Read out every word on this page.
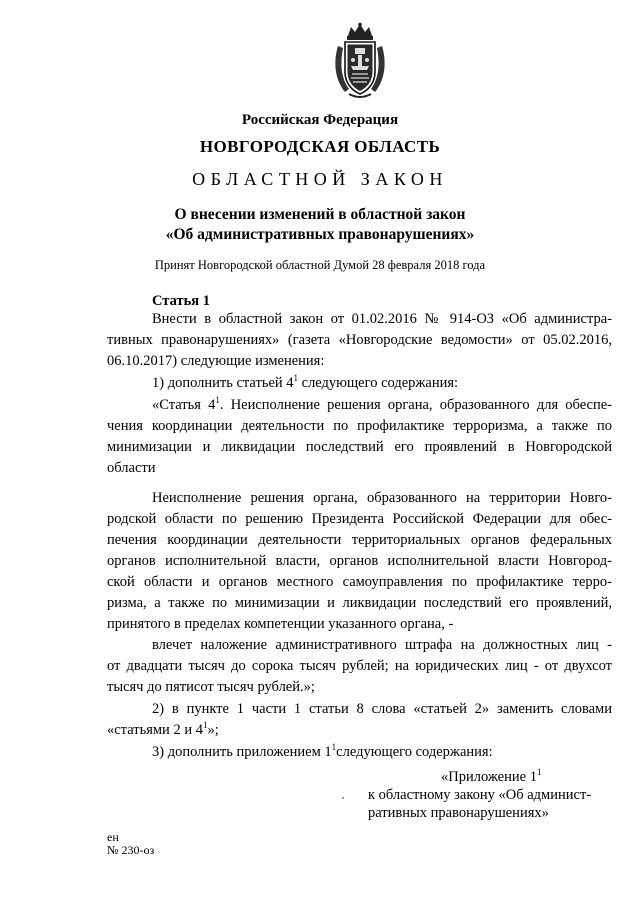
Российская Федерация
НОВГОРОДСКАЯ ОБЛАСТЬ
ОБЛАСТНОЙ ЗАКОН
О внесении изменений в областной закон
«Об административных правонарушениях»
Принят Новгородской областной Думой 28 февраля 2018 года
Статья 1
Внести в областной закон от 01.02.2016 № 914-ОЗ «Об администра-
тивных правонарушениях» (газета «Новгородские ведомости» от 05.02.2016,
06.10.2017) следующие изменения:
1) дополнить статьей $4^1$ следующего содержания:
«Статья $4^1$. Неисполнение решения органа, образованного для обеспе-
чения координации деятельности по профилактике терроризма, а также по
минимизации и ликвидации последствий его проявлений в Новгородской
области
Неисполнение решения органа, образованного на территории Новго-
родской области по решению Президента Российской Федерации для обес-
печения координации деятельности территориальных органов федеральных
органов исполнительной власти, органов исполнительной власти Новгород-
ской области и органов местного самоуправления по профилактике терро-
ризма, а также по минимизации и ликвидации последствий его проявлений,
принятого в пределах компетенции указанного органа, -
влечет наложение административного штрафа на должностных лиц -
от двадцати тысяч до сорока тысяч рублей; на юридических лиц - от двухсот
тысяч до пятисот тысяч рублей.»;
2) в пункте 1 части 1 статьи 8 слова «статьей 2» заменить словами
«статьями 2 и $4^1$»;
3) дополнить приложением $1^1следующего$ содержания:
«Приложение $1^1$
к областному закону «Об админист-
ративных правонарушениях»
ен
№ 230-оз
